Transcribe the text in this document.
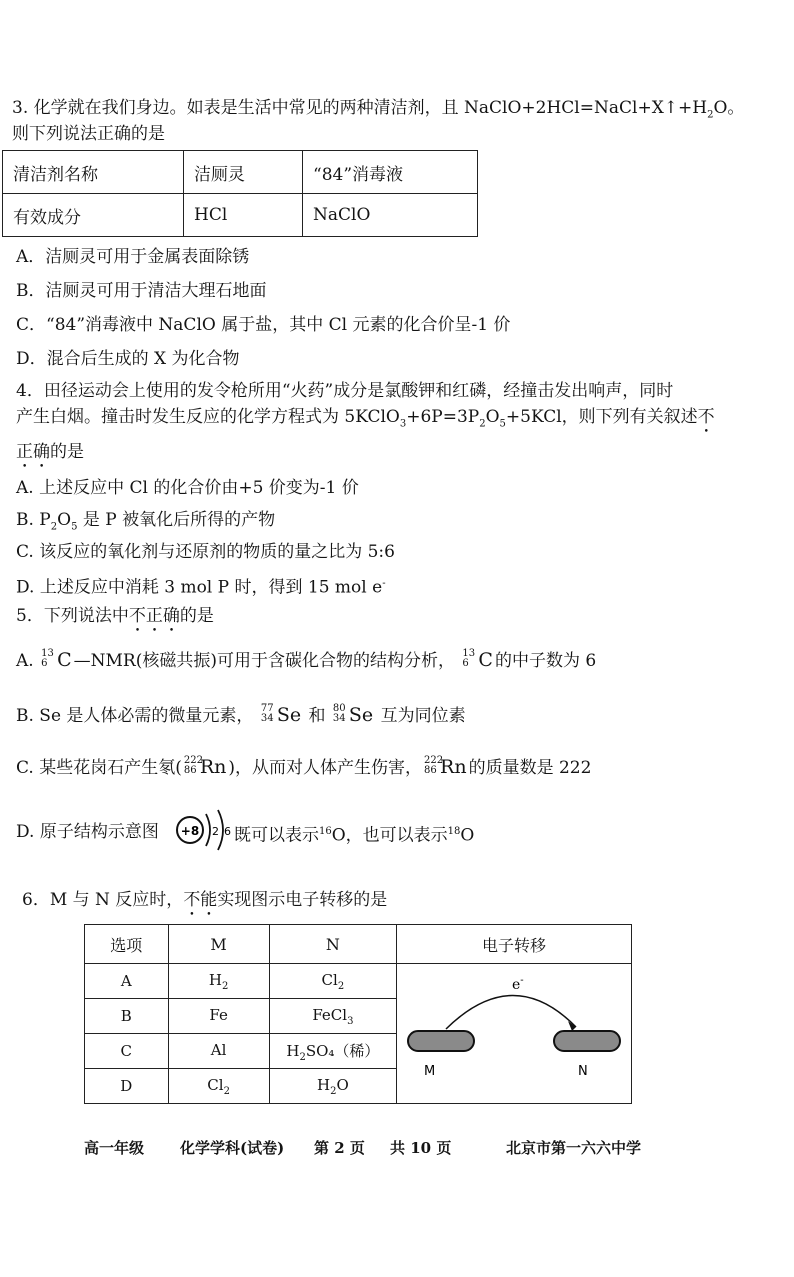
3. 化学就在我们身边。如表是生活中常见的两种清洁剂，且 $NaClO+2HCl=NaCl+X↑+H_2O$。
则下列说法正确的是
清洁剂名称	洁厕灵	“84”消毒液
有效成分	HCl	NaClO
A．洁厕灵可用于金属表面除锈
B．洁厕灵可用于清洁大理石地面
C．“84”消毒液中 NaClO 属于盐，其中 Cl 元素的化合价呈-1 价
D．混合后生成的 X 为化合物
4．田径运动会上使用的发令枪所用“火药”成分是氯酸钾和红磷，经撞击发出响声，同时
产生白烟。撞击时发生反应的化学方程式为 $5KClO_3+6P=3P_2O_5+5KCl$，则下列有关叙述不
正确的是
A. 上述反应中 Cl 的化合价由+5 价变为-1 价
B. $P_2O_5$ 是 P 被氧化后所得的产物
C. 该反应的氧化剂与还原剂的物质的量之比为 5:6
D. 上述反应中消耗 3 mol P 时，得到 15 mol e-
5．下列说法中不正确的是
A. 13
6 C —NMR(核磁共振)可用于含碳化合物的结构分析， 13
6 C 的中子数为 6
B. Se 是人体必需的微量元素， 77
34 Se 和 80
34 Se 互为同位素
C. 某些花岗石产生氡( 222
86 Rn )，从而对人体产生伤害， 222
86 Rn 的质量数是 222
D. 原子结构示意图 +8 2 6 既可以表示$^{16}$O，也可以表示$^{18}$O
6．M 与 N 反应时，不能实现图示电子转移的是
选项	M	N	电子转移
A	$H_2$	$Cl_2$	e-
M N

B	Fe	FeCl$_3$
C	Al	$H_2SO_4$（稀）	
D	$Cl_2$	$H_2O$	
高一年级 化学学科(试卷) 第 2 页 共 10 页	北京市第一六六中学
